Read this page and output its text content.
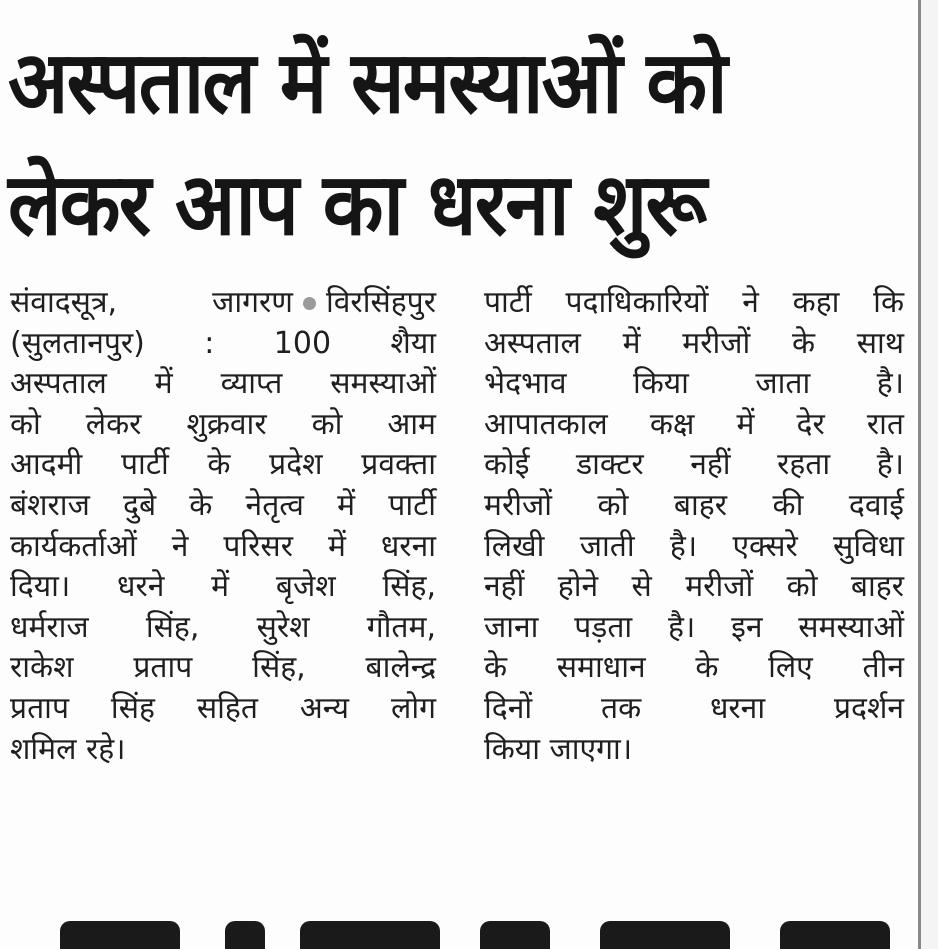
अस्पताल में समस्याओं को
लेकर आप का धरना शुरू
संवादसूत्र, जागरण विरसिंहपुर
(सुलतानपुर) : 100 शैया
अस्पताल में व्याप्त समस्याओं
को लेकर शुक्रवार को आम
आदमी पार्टी के प्रदेश प्रवक्ता
बंशराज दुबे के नेतृत्व में पार्टी
कार्यकर्ताओं ने परिसर में धरना
दिया। धरने में बृजेश सिंह,
धर्मराज सिंह, सुरेश गौतम,
राकेश प्रताप सिंह, बालेन्द्र
प्रताप सिंह सहित अन्य लोग
शमिल रहे।
पार्टी पदाधिकारियों ने कहा कि
अस्पताल में मरीजों के साथ
भेदभाव किया जाता है।
आपातकाल कक्ष में देर रात
कोई डाक्टर नहीं रहता है।
मरीजों को बाहर की दवाई
लिखी जाती है। एक्सरे सुविधा
नहीं होने से मरीजों को बाहर
जाना पड़ता है। इन समस्याओं
के समाधान के लिए तीन
दिनों तक धरना प्रदर्शन
किया जाएगा।
